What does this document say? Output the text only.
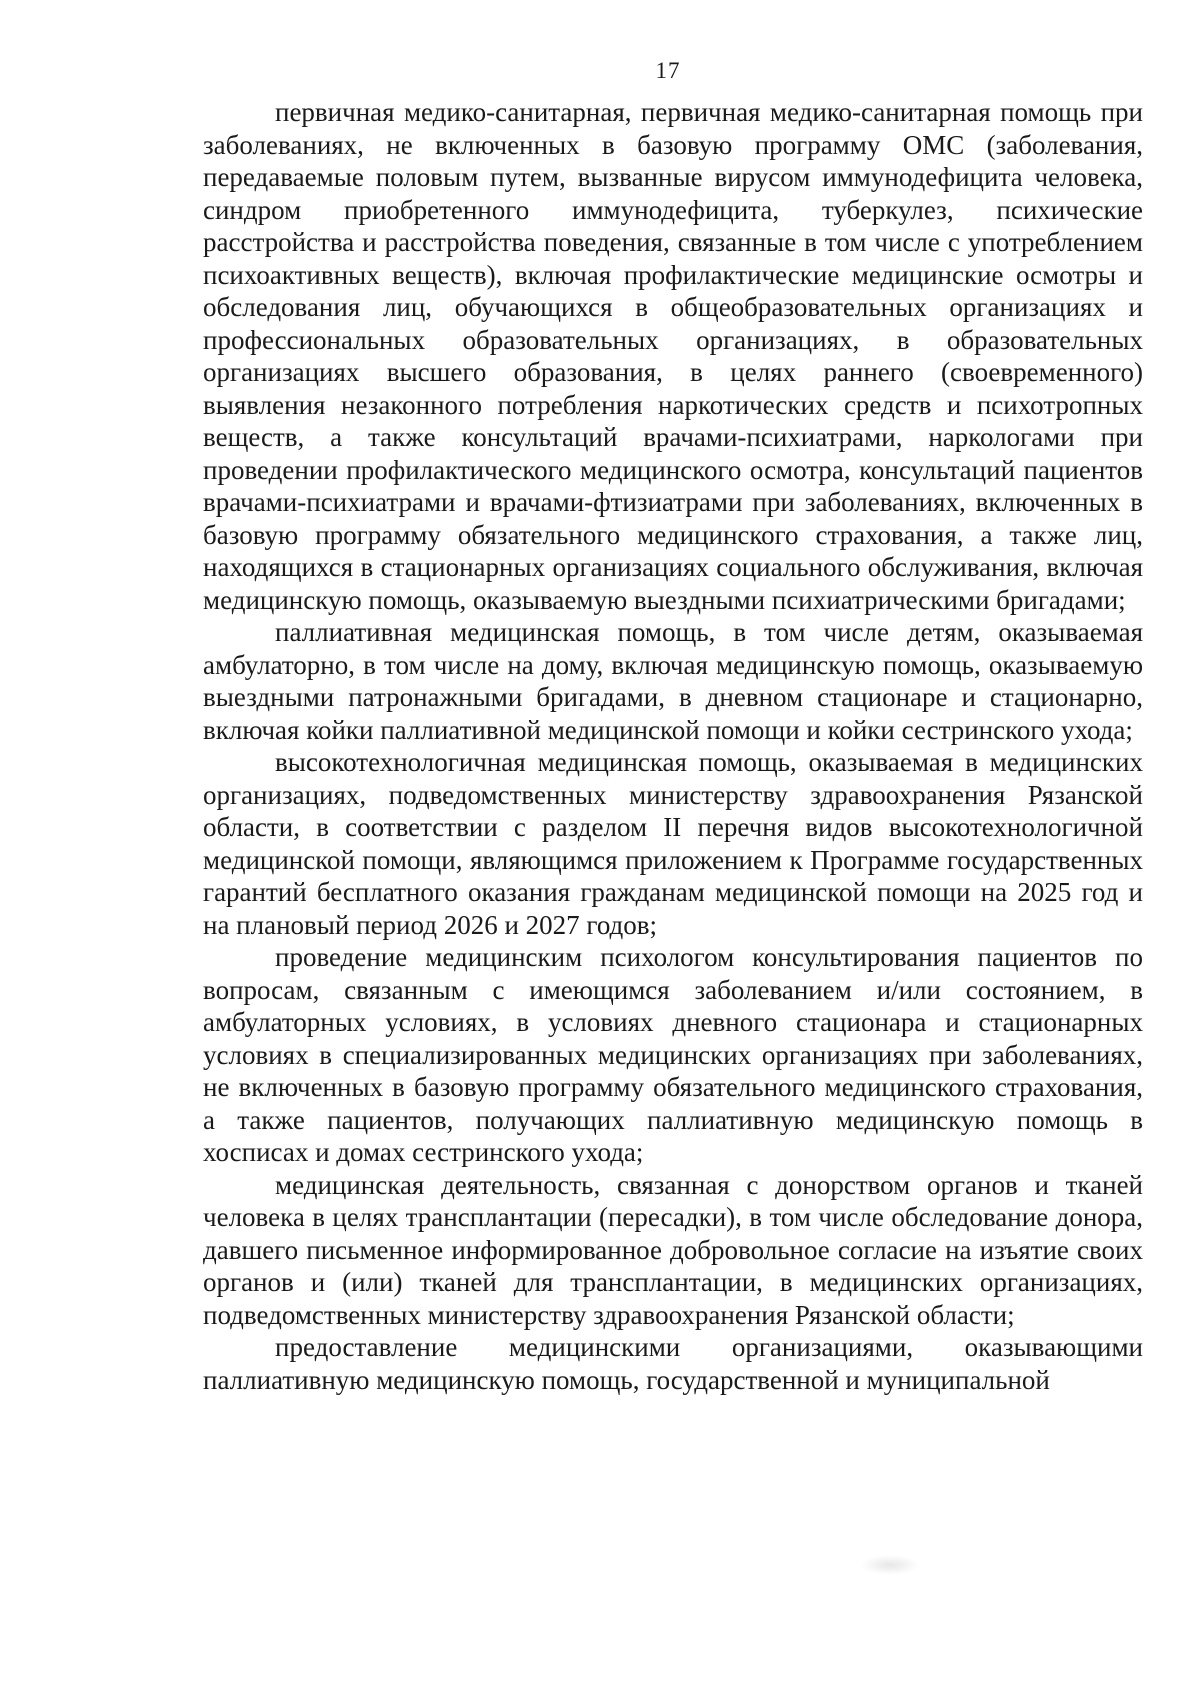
17

первичная медико-санитарная, первичная медико-санитарная помощь при заболеваниях, не включенных в базовую программу ОМС (заболевания, передаваемые половым путем, вызванные вирусом иммунодефицита человека, синдром приобретенного иммунодефицита, туберкулез, психические расстройства и расстройства поведения, связанные в том числе с употреблением психоактивных веществ), включая профилактические медицинские осмотры и обследования лиц, обучающихся в общеобразовательных организациях и профессиональных образовательных организациях, в образовательных организациях высшего образования, в целях раннего (своевременного) выявления незаконного потребления наркотических средств и психотропных веществ, а также консультаций врачами-психиатрами, наркологами при проведении профилактического медицинского осмотра, консультаций пациентов врачами-психиатрами и врачами-фтизиатрами при заболеваниях, включенных в базовую программу обязательного медицинского страхования, а также лиц, находящихся в стационарных организациях социального обслуживания, включая медицинскую помощь, оказываемую выездными психиатрическими бригадами;

паллиативная медицинская помощь, в том числе детям, оказываемая амбулаторно, в том числе на дому, включая медицинскую помощь, оказываемую выездными патронажными бригадами, в дневном стационаре и стационарно, включая койки паллиативной медицинской помощи и койки сестринского ухода;

высокотехнологичная медицинская помощь, оказываемая в медицинских организациях, подведомственных министерству здравоохранения Рязанской области, в соответствии с разделом II перечня видов высокотехнологичной медицинской помощи, являющимся приложением к Программе государственных гарантий бесплатного оказания гражданам медицинской помощи на 2025 год и на плановый период 2026 и 2027 годов;

проведение медицинским психологом консультирования пациентов по вопросам, связанным с имеющимся заболеванием и/или состоянием, в амбулаторных условиях, в условиях дневного стационара и стационарных условиях в специализированных медицинских организациях при заболеваниях, не включенных в базовую программу обязательного медицинского страхования, а также пациентов, получающих паллиативную медицинскую помощь в хосписах и домах сестринского ухода;

медицинская деятельность, связанная с донорством органов и тканей человека в целях трансплантации (пересадки), в том числе обследование донора, давшего письменное информированное добровольное согласие на изъятие своих органов и (или) тканей для трансплантации, в медицинских организациях, подведомственных министерству здравоохранения Рязанской области;

предоставление медицинскими организациями, оказывающими паллиативную медицинскую помощь, государственной и муниципальной
